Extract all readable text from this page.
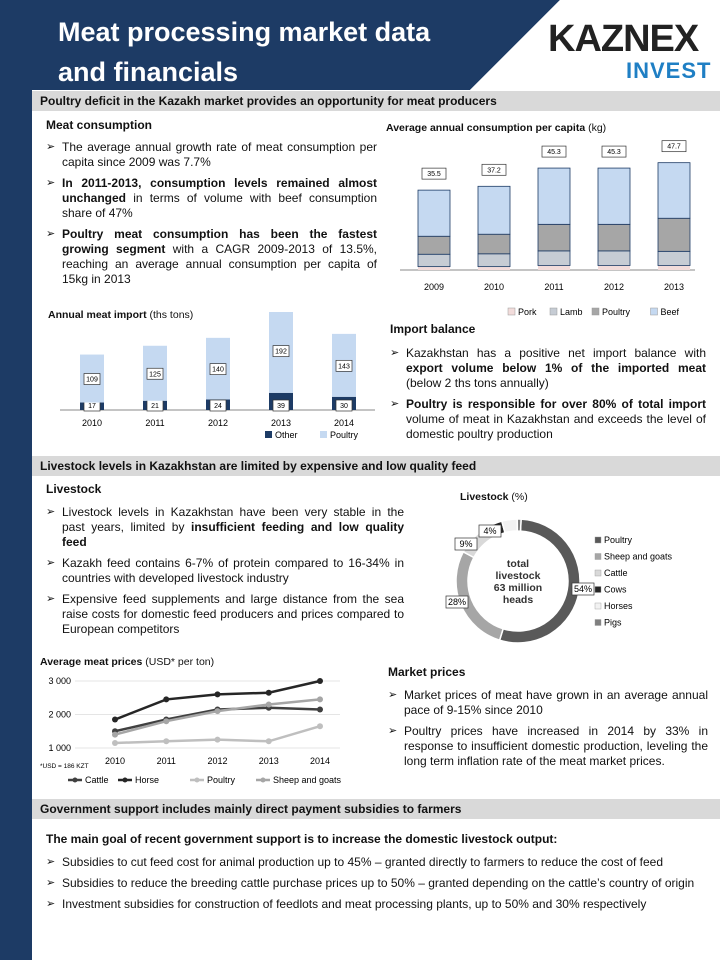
Meat processing market data
and financials
KAZNEX
INVEST
Poultry deficit in the Kazakh market provides an opportunity for meat producers
Livestock levels in Kazakhstan are limited by expensive and low quality feed
Government support includes mainly direct payment subsidies to farmers
Meat consumption
➢ The average annual growth rate of meat consumption per capita since 2009 was 7.7%
➢ In 2011-2013, consumption levels remained almost unchanged in terms of volume with beef consumption share of 47%
➢ Poultry meat consumption has been the fastest growing segment with a CAGR 2009-2013 of 13.5%, reaching an average annual consumption per capita of 15kg in 2013
Average annual consumption per capita (kg)
35.5
2009
37.2
2010
45.3
2011
45.3
2012
47.7
2013
Pork	Lamb Poultry	Beef
Annual meat import (ths tons)
17
109
2010
21
125
2011
24
140
2012
39
192
2013
30
143
2014
Other	Poultry
Import balance
➢ Kazakhstan has a positive net import balance with export volume below 1% of the imported meat (below 2 ths tons annually)
➢ Poultry is responsible for over 80% of total import volume of meat in Kazakhstan and exceeds the level of domestic poultry production
Livestock
➢ Livestock levels in Kazakhstan have been very stable in the past years, limited by insufficient feeding and low quality feed
➢ Kazakh feed contains 6-7% of protein compared to 16-34% in countries with developed livestock industry
➢ Expensive feed supplements and large distance from the sea raise costs for domestic feed producers and prices compared to European competitors
Livestock (%)
54%
28%
9%
4%
total
livestock
63 million
heads
Poultry
Sheep and goats
Cattle
Cows
Horses
Pigs
Average meat prices (USD* per ton)
1 000
2 000
3 000
2010	2011	2012	2013	2014
*USD = 186 KZT
Cattle	Horse	Poultry	Sheep and goats
Market prices
➢ Market prices of meat have grown in an average annual pace of 9-15% since 2010
➢ Poultry prices have increased in 2014 by 33% in response to insufficient domestic production, leveling the long term inflation rate of the meat market prices.
The main goal of recent government support is to increase the domestic livestock output:
➢ Subsidies to cut feed cost for animal production up to 45% – granted directly to farmers to reduce the cost of feed
➢ Subsidies to reduce the breeding cattle purchase prices up to 50% – granted depending on the cattle’s country of origin
➢ Investment subsidies for construction of feedlots and meat processing plants, up to 50% and 30% respectively
